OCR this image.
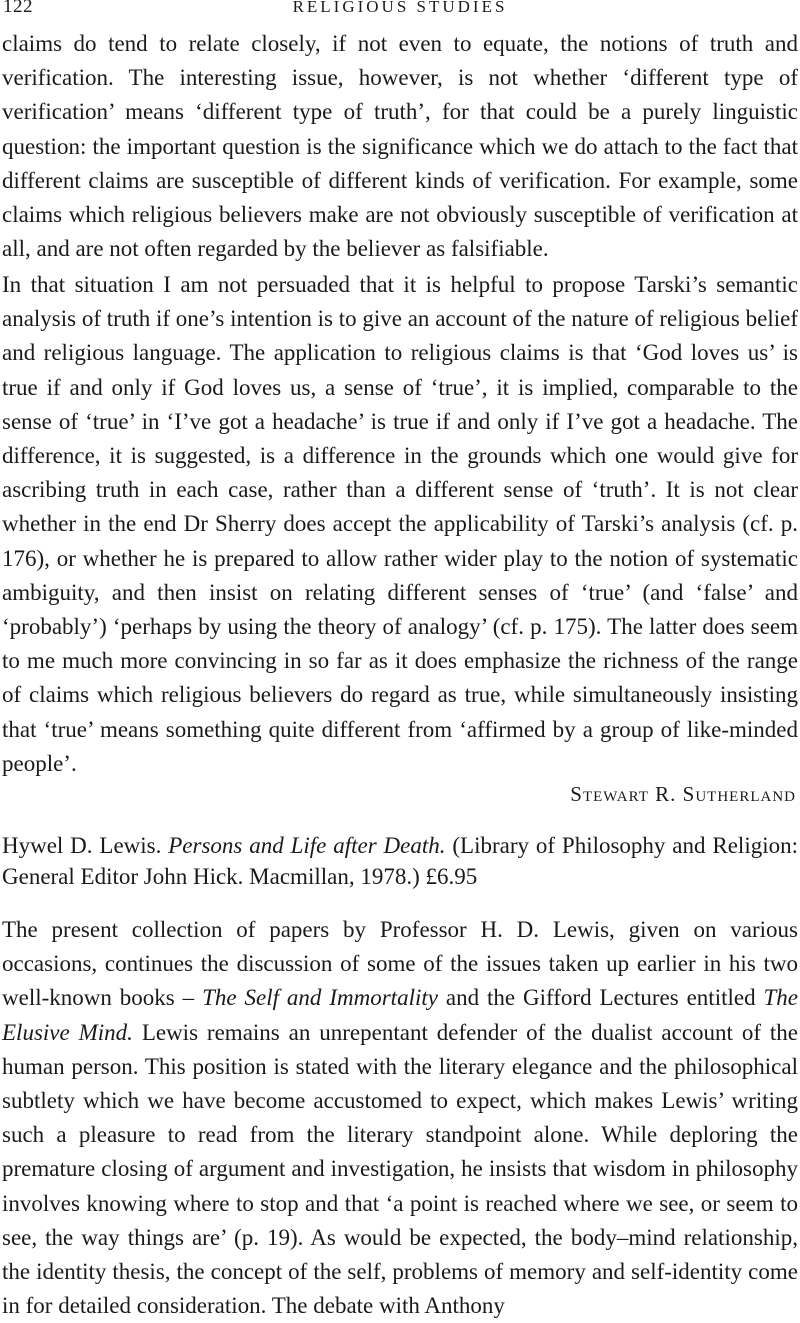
122	RELIGIOUS STUDIES

claims do tend to relate closely, if not even to equate, the notions of truth and verification. The interesting issue, however, is not whether ‘different type of verification’ means ‘different type of truth’, for that could be a purely linguistic question: the important question is the significance which we do attach to the fact that different claims are susceptible of different kinds of verification. For example, some claims which religious believers make are not obviously susceptible of verification at all, and are not often regarded by the believer as falsifiable.

In that situation I am not persuaded that it is helpful to propose Tarski’s semantic analysis of truth if one’s intention is to give an account of the nature of religious belief and religious language. The application to religious claims is that ‘God loves us’ is true if and only if God loves us, a sense of ‘true’, it is implied, comparable to the sense of ‘true’ in ‘I’ve got a headache’ is true if and only if I’ve got a headache. The difference, it is suggested, is a difference in the grounds which one would give for ascribing truth in each case, rather than a different sense of ‘truth’. It is not clear whether in the end Dr Sherry does accept the applicability of Tarski’s analysis (cf. p. 176), or whether he is prepared to allow rather wider play to the notion of systematic ambiguity, and then insist on relating different senses of ‘true’ (and ‘false’ and ‘probably’) ‘perhaps by using the theory of analogy’ (cf. p. 175). The latter does seem to me much more convincing in so far as it does emphasize the richness of the range of claims which religious believers do regard as true, while simultaneously insisting that ‘true’ means something quite different from ‘affirmed by a group of like-minded people’.

Stewart R. Sutherland
Hywel D. Lewis. Persons and Life after Death. (Library of Philosophy and Religion: General Editor John Hick. Macmillan, 1978.) £6.95

The present collection of papers by Professor H. D. Lewis, given on various occasions, continues the discussion of some of the issues taken up earlier in his two well-known books – The Self and Immortality and the Gifford Lectures entitled The Elusive Mind. Lewis remains an unrepentant defender of the dualist account of the human person. This position is stated with the literary elegance and the philosophical subtlety which we have become accustomed to expect, which makes Lewis’ writing such a pleasure to read from the literary standpoint alone. While deploring the premature closing of argument and investigation, he insists that wisdom in philosophy involves knowing where to stop and that ‘a point is reached where we see, or seem to see, the way things are’ (p. 19). As would be expected, the body–mind relationship, the identity thesis, the concept of the self, problems of memory and self-identity come in for detailed consideration. The debate with Anthony
